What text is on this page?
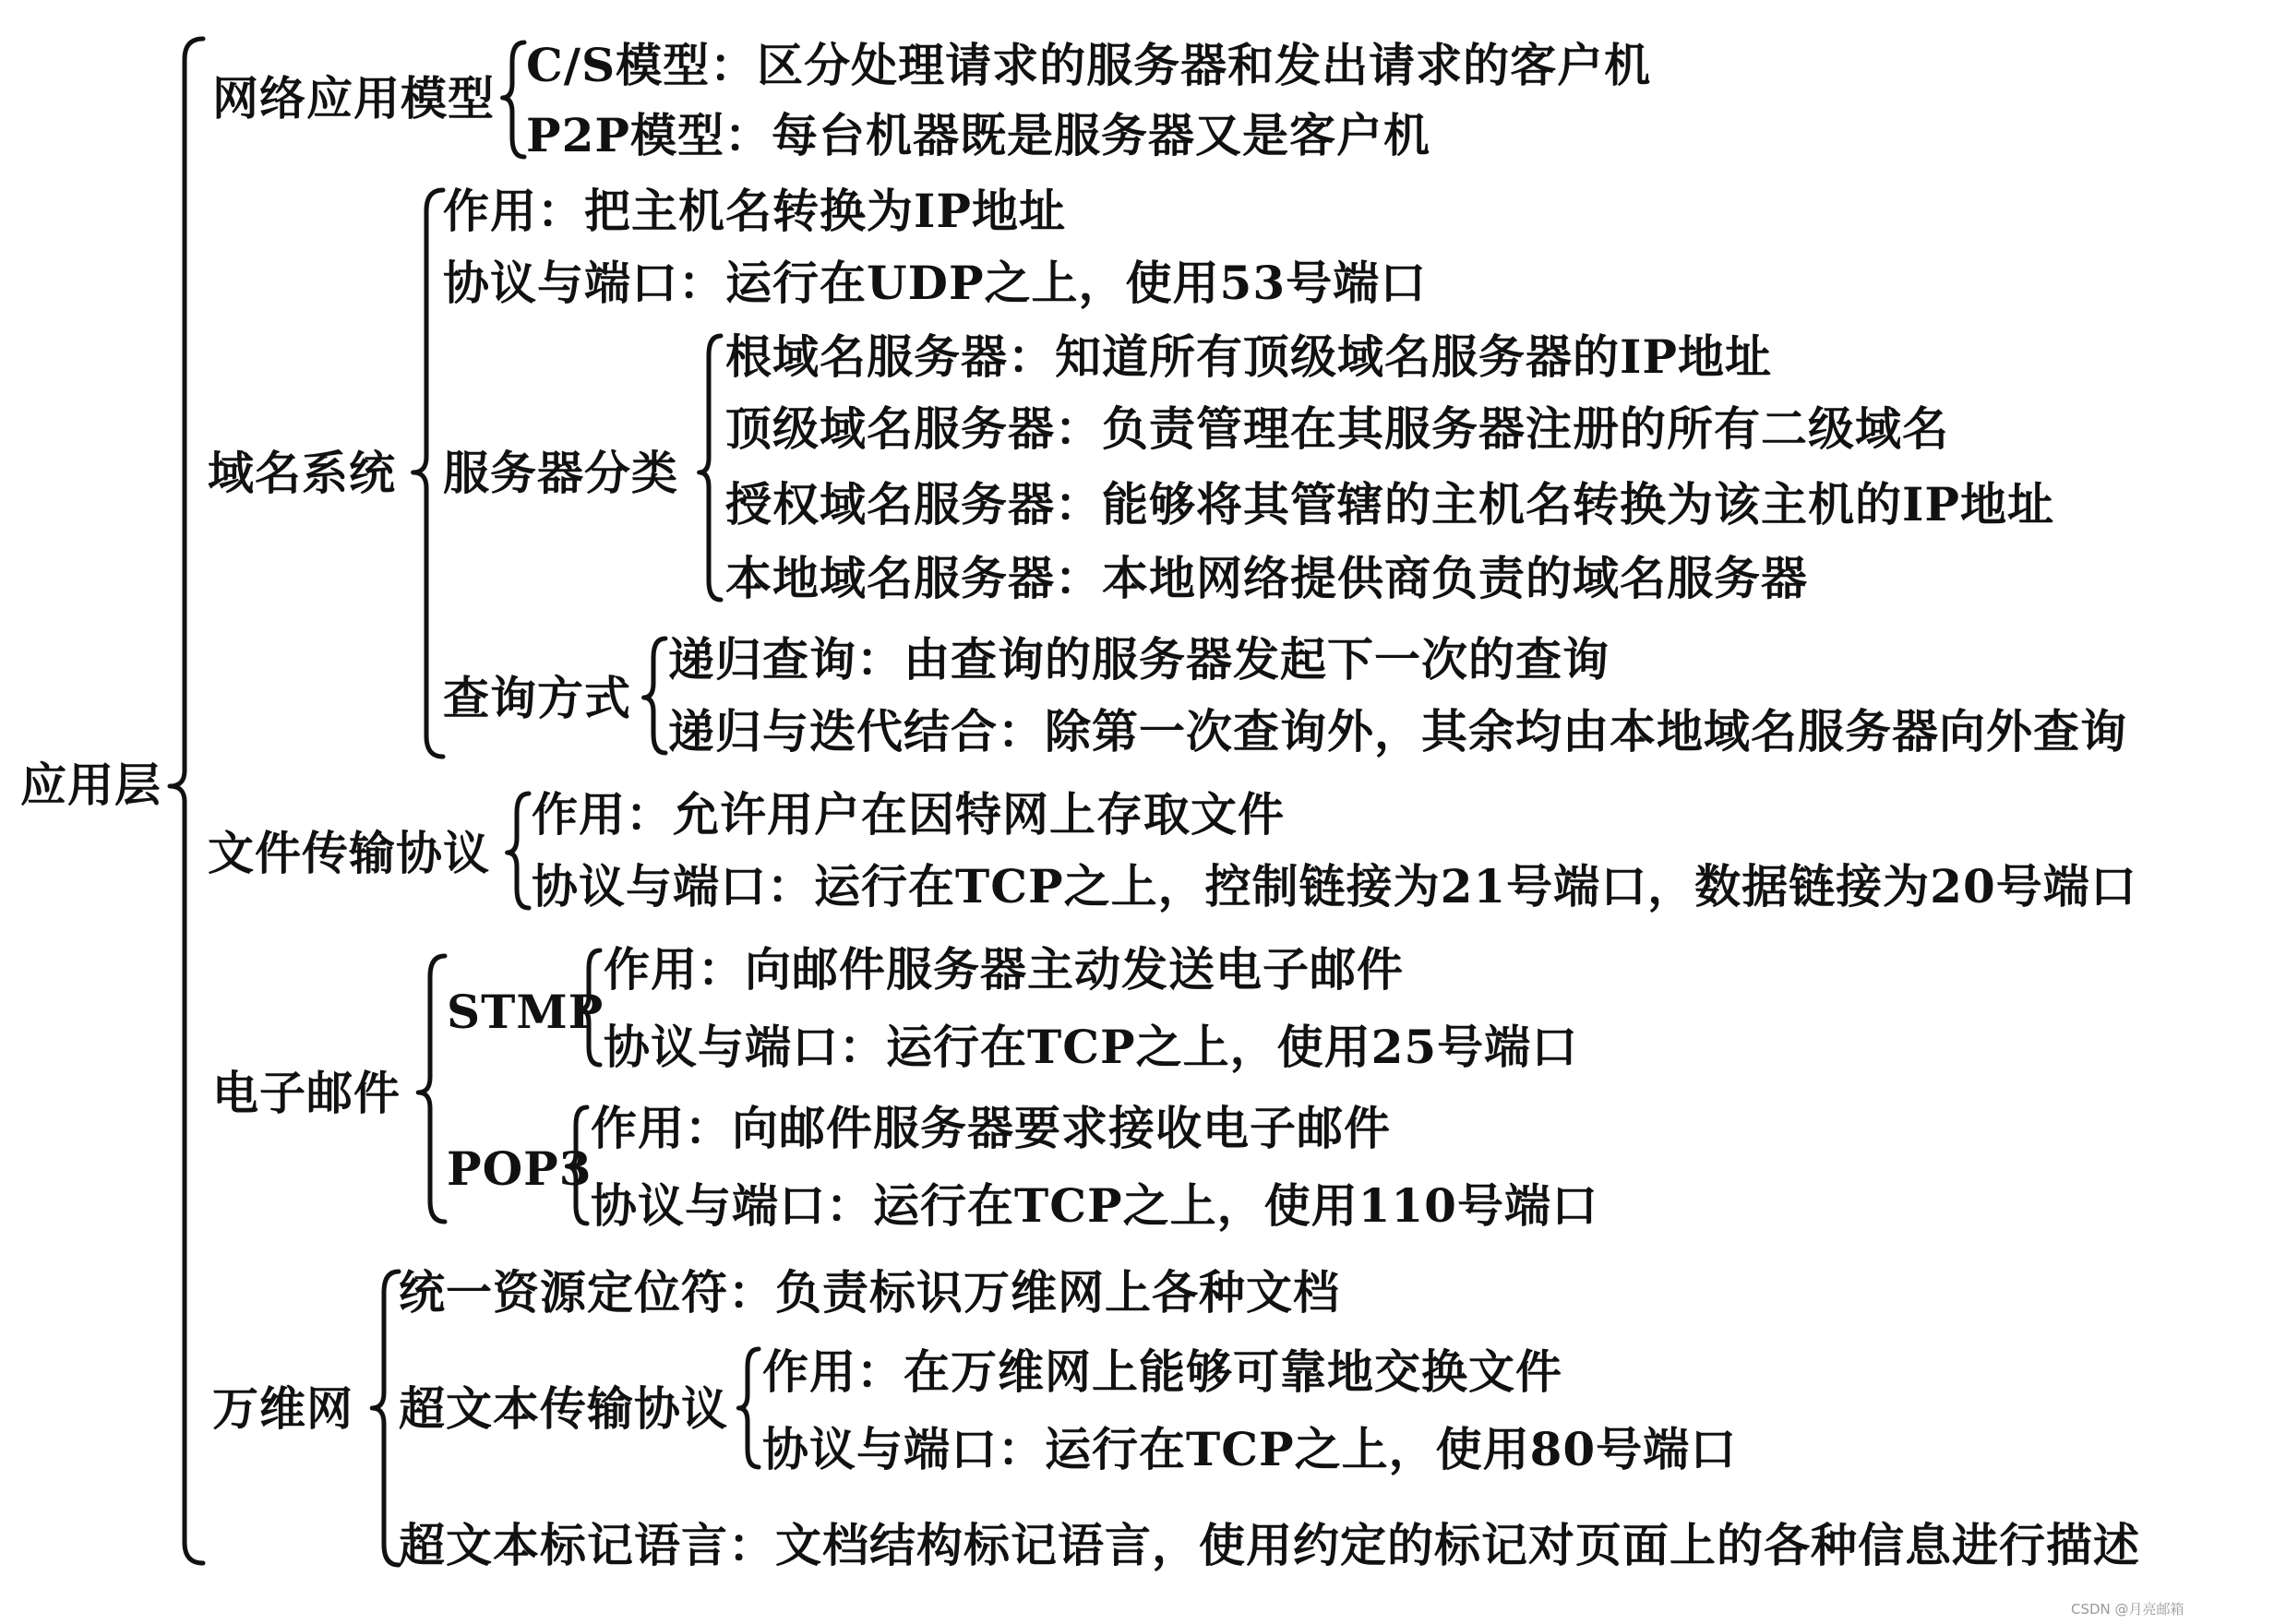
应用层
网络应用模型
C/S模型：区分处理请求的服务器和发出请求的客户机
P2P模型：每台机器既是服务器又是客户机
域名系统
作用：把主机名转换为IP地址
协议与端口：运行在UDP之上，使用53号端口
服务器分类
根域名服务器：知道所有顶级域名服务器的IP地址
顶级域名服务器：负责管理在其服务器注册的所有二级域名
授权域名服务器：能够将其管辖的主机名转换为该主机的IP地址
本地域名服务器：本地网络提供商负责的域名服务器
查询方式
递归查询：由查询的服务器发起下一次的查询
递归与迭代结合：除第一次查询外，其余均由本地域名服务器向外查询
文件传输协议
作用：允许用户在因特网上存取文件
协议与端口：运行在TCP之上，控制链接为21号端口，数据链接为20号端口
电子邮件
STMP
作用：向邮件服务器主动发送电子邮件
协议与端口：运行在TCP之上，使用25号端口
POP3
作用：向邮件服务器要求接收电子邮件
协议与端口：运行在TCP之上，使用110号端口
万维网
统一资源定位符：负责标识万维网上各种文档
超文本传输协议
作用：在万维网上能够可靠地交换文件
协议与端口：运行在TCP之上，使用80号端口
超文本标记语言：文档结构标记语言，使用约定的标记对页面上的各种信息进行描述
CSDN @月亮邮箱
